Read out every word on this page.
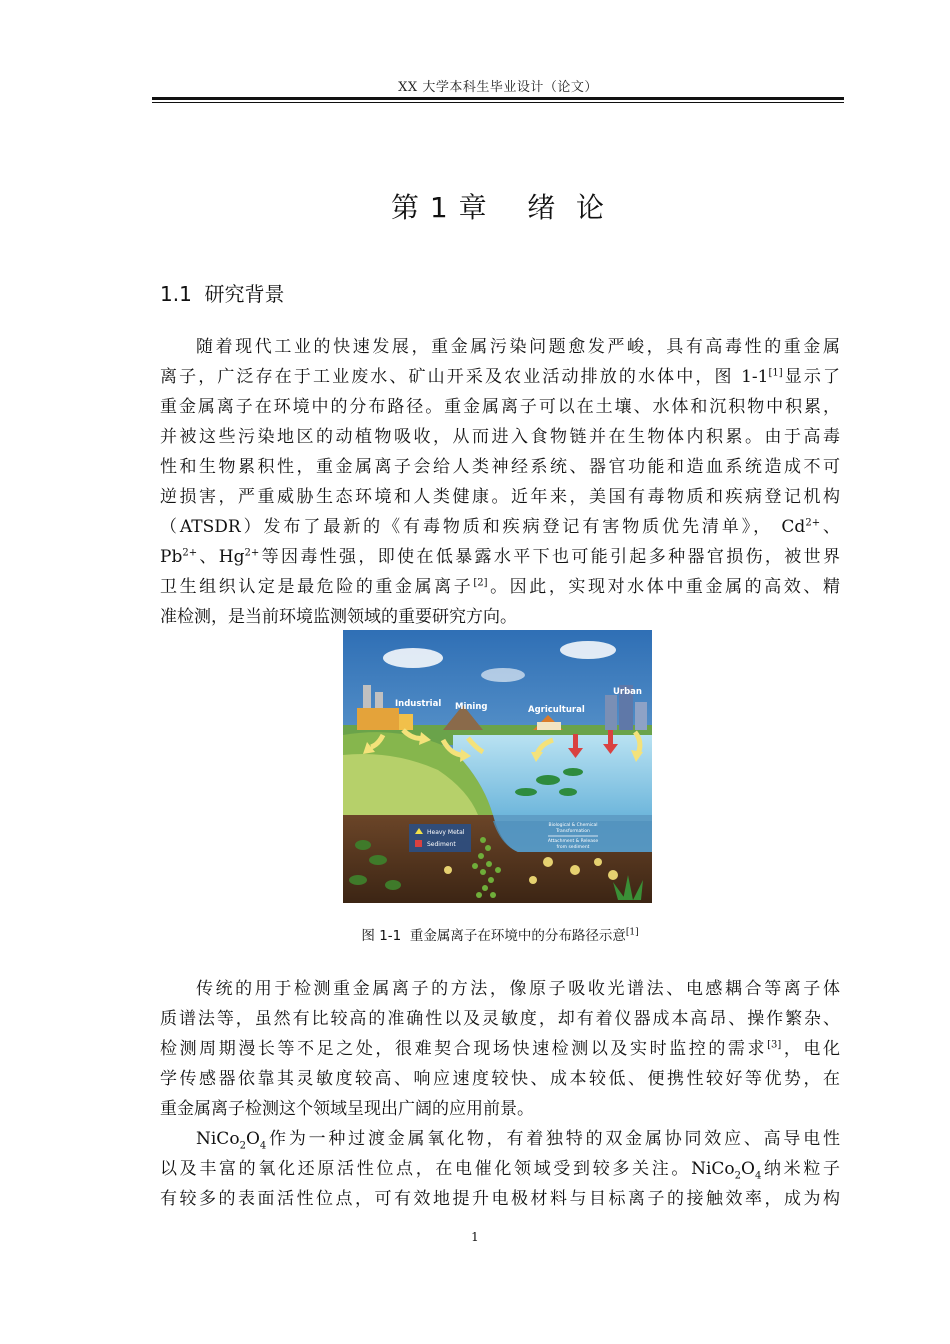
XX 大学本科生毕业设计（论文）
第 1 章    绪  论
1.1 研究背景
随着现代工业的快速发展，重金属污染问题愈发严峻，具有高毒性的重金属
离子，广泛存在于工业废水、矿山开采及农业活动排放的水体中，图 1-1[1]显示了
重金属离子在环境中的分布路径。重金属离子可以在土壤、水体和沉积物中积累，
并被这些污染地区的动植物吸收，从而进入食物链并在生物体内积累。由于高毒
性和生物累积性，重金属离子会给人类神经系统、器官功能和造血系统造成不可
逆损害，严重威胁生态环境和人类健康。近年来，美国有毒物质和疾病登记机构
（ATSDR）发布了最新的《有毒物质和疾病登记有害物质优先清单》， $Cd^{2+}$、
$Pb^{2+}$、$Hg^{2+}$等因毒性强，即使在低暴露水平下也可能引起多种器官损伤，被世界
卫生组织认定是最危险的重金属离子[2]。因此，实现对水体中重金属的高效、精
准检测，是当前环境监测领域的重要研究方向。
Industrial Mining	Agricultural
Urban
Heavy Metal
Sediment
Biological & Chemical
Transformation
Attachment & Release
from sediment
图 1-1  重金属离子在环境中的分布路径示意[1]
传统的用于检测重金属离子的方法，像原子吸收光谱法、电感耦合等离子体
质谱法等，虽然有比较高的准确性以及灵敏度，却有着仪器成本高昂、操作繁杂、
检测周期漫长等不足之处，很难契合现场快速检测以及实时监控的需求[3]，电化
学传感器依靠其灵敏度较高、响应速度较快、成本较低、便携性较好等优势，在
重金属离子检测这个领域呈现出广阔的应用前景。
$NiCo_2O_4$作为一种过渡金属氧化物，有着独特的双金属协同效应、高导电性
以及丰富的氧化还原活性位点，在电催化领域受到较多关注。$NiCo_2O_4$纳米粒子
有较多的表面活性位点，可有效地提升电极材料与目标离子的接触效率，成为构
1
